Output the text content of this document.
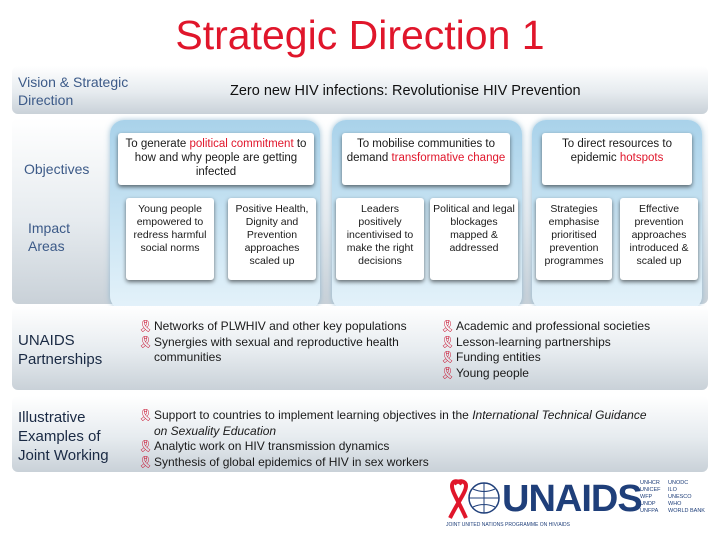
Strategic Direction 1
Vision & Strategic Direction
Zero new HIV infections: Revolutionise HIV Prevention
Objectives
Impact Areas
To generate political commitment to how and why people are getting infected
To mobilise communities to demand transformative change
To direct resources to epidemic hotspots
Young people empowered to redress harmful social norms
Positive Health, Dignity and Prevention approaches scaled up
Leaders positively incentivised to make the right decisions
Political and legal blockages mapped & addressed
Strategies emphasise prioritised prevention programmes
Effective prevention approaches introduced & scaled up
UNAIDS Partnerships
🎗︎ Networks of PLWHIV and other key populations
🎗︎ Synergies with sexual and reproductive health communities
🎗︎ Academic and professional societies
🎗︎ Lesson-learning partnerships
🎗︎ Funding entities
🎗︎ Young people
Illustrative Examples of Joint Working
🎗︎ Support to countries to implement learning objectives in the International Technical Guidance on Sexuality Education
🎗︎ Analytic work on HIV transmission dynamics
🎗︎ Synthesis of global epidemics of HIV in sex workers
UNAIDS
UNHCR
UNICEF
WFP
UNDP
UNFPA
UNODC
ILO
UNESCO
WHO
WORLD BANK
JOINT UNITED NATIONS PROGRAMME ON HIV/AIDS
